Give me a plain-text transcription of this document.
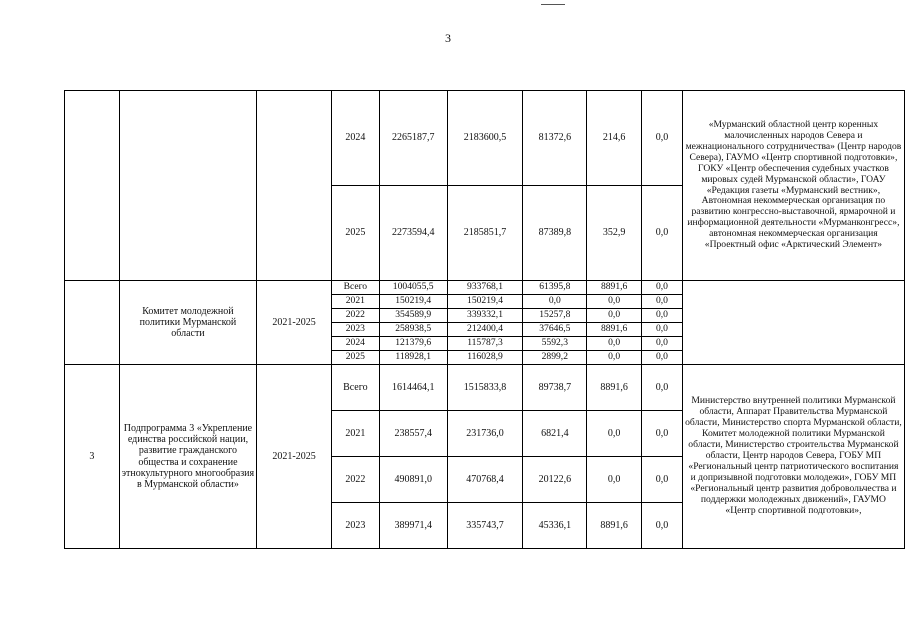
3
			2024	2265187,7	2183600,5	81372,6	214,6	0,0	«Мурманский областной центр коренных малочисленных народов Севера и межнационального сотрудничества» (Центр народов Севера), ГАУМО «Центр спортивной подготовки», ГОКУ «Центр обеспечения судебных участков мировых судей Мурманской области», ГОАУ «Редакция газеты «Мурманский вестник», Автономная некоммерческая организация по развитию конгрессно-выставочной, ярмарочной и информационной деятельности «Мурманконгресс», автономная некоммерческая организация «Проектный офис «Арктический Элемент»
			2025	2273594,4	2185851,7	87389,8	352,9	0,0	
	Комитет молодежной политики Мурманской области	2021-2025	Всего	1004055,5	933768,1	61395,8	8891,6	0,0	
			2021	150219,4	150219,4	0,0	0,0	0,0	
			2022	354589,9	339332,1	15257,8	0,0	0,0	
			2023	258938,5	212400,4	37646,5	8891,6	0,0	
			2024	121379,6	115787,3	5592,3	0,0	0,0	
			2025	118928,1	116028,9	2899,2	0,0	0,0	
3	Подпрограмма 3 «Укрепление единства российской нации, развитие гражданского общества и сохранение этнокультурного многообразия в Мурманской области»	2021-2025	Всего	1614464,1	1515833,8	89738,7	8891,6	0,0	Министерство внутренней политики Мурманской области, Аппарат Правительства Мурманской области, Министерство спорта Мурманской области, Комитет молодежной политики Мурманской области, Министерство строительства Мурманской области, Центр народов Севера, ГОБУ МП «Региональный центр патриотического воспитания и допризывной подготовки молодежи», ГОБУ МП «Региональный центр развития добровольчества и поддержки молодежных движений», ГАУМО «Центр спортивной подготовки»,
			2021	238557,4	231736,0	6821,4	0,0	0,0	
			2022	490891,0	470768,4	20122,6	0,0	0,0	
			2023	389971,4	335743,7	45336,1	8891,6	0,0	
